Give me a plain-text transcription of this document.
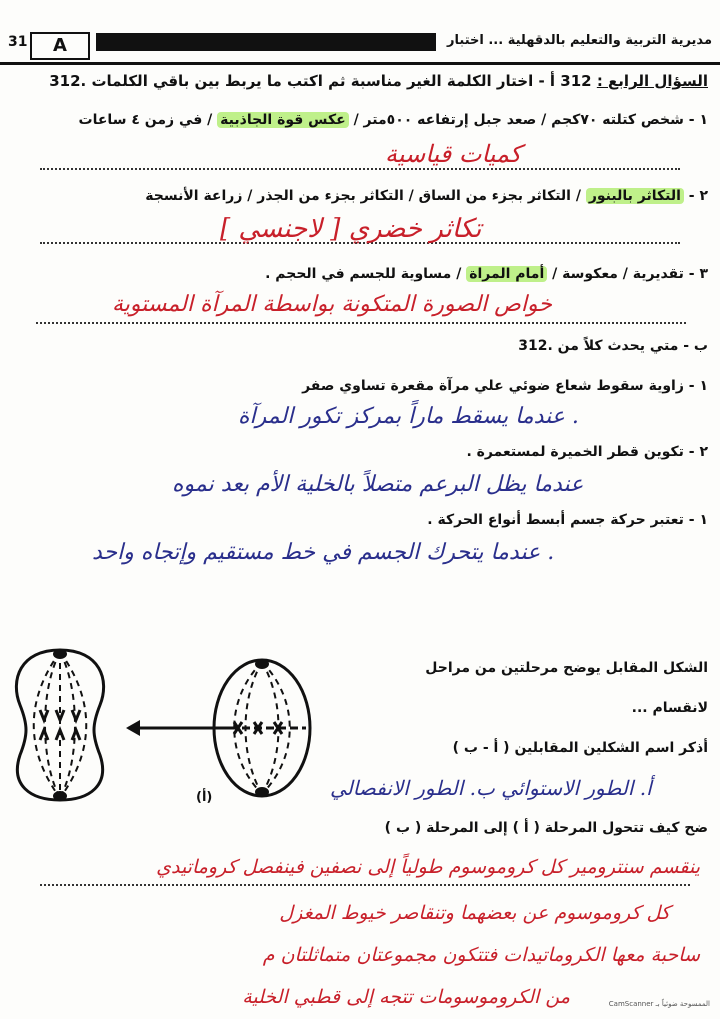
A
31	مديرية التربية والتعليم بالدقهلية ... اختبار
السؤال الرابع : 312 أ - اختار الكلمة الغير مناسبة ثم اكتب ما يربط بين باقي الكلمات .312
١ - شخص كتلته ٧٠كجم / صعد جبل إرتفاعه ٥٠٠متر / عكس قوة الجاذبية / في زمن ٤ ساعات
كميات قياسية
٢ - التكاثر بالبنور / التكاثر بجزء من الساق / التكاثر بجزء من الجذر / زراعة الأنسجة
تكاثر خضري [ لاجنسي ]
٣ - تقديرية / معكوسة / أمام المراة / مساوية للجسم في الحجم .
خواص الصورة المتكونة بواسطة المرآة المستوية
ب - متي يحدث كلاً من .312
١ - زاوية سقوط شعاع ضوئي علي مرآة مقعرة تساوي صفر
عندما يسقط ماراً بمركز تكور المرآة .
٢ - تكوين قطر الخميرة لمستعمرة .
عندما يظل البرعم متصلاً بالخلية الأم بعد نموه
١ - تعتبر حركة جسم أبسط أنواع الحركة .
عندما يتحرك الجسم في خط مستقيم وإتجاه واحد .
الشكل المقابل يوضح مرحلتين من مراحل
لانقسام ...
أذكر اسم الشكلين المقابلين ( أ - ب )
أ. الطور الاستوائي ب. الطور الانفصالي
ضح كيف تتحول المرحلة ( أ ) إلى المرحلة ( ب )
(أ)
ينقسم سنترومير كل كروموسوم طولياً إلى نصفين فينفصل كروماتيدي
كل كروموسوم عن بعضهما وتنقاصر خيوط المغزل
ساحبة معها الكروماتيدات فتتكون مجموعتان متماثلتان م
من الكروموسومات تتجه إلى قطبي الخلية	CamScanner الممسوحة ضوئياً بـ
